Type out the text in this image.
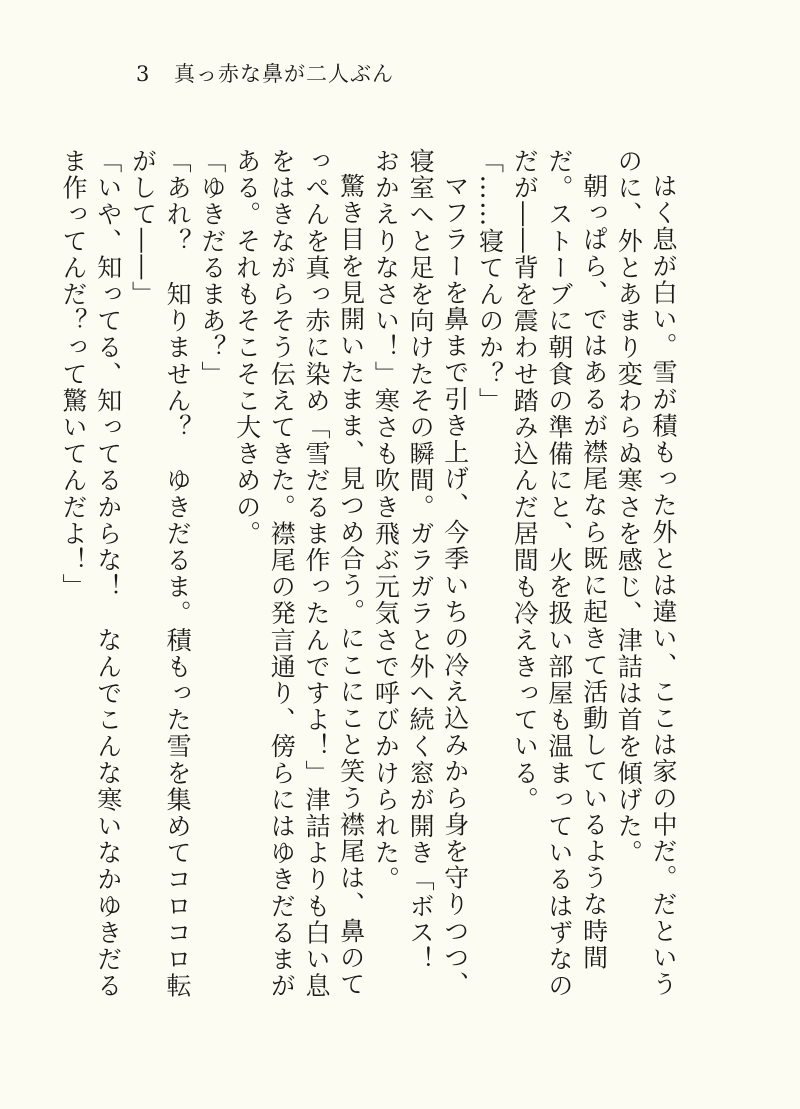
3 真っ赤な鼻が二人ぶん

はく息が白い。雪が積もった外とは違い、ここは家の中だ。だというのに、外とあまり変わらぬ寒さを感じ、津詰は首を傾げた。

朝っぱら、ではあるが襟尾なら既に起きて活動しているような時間だ。ストーブに朝食の準備にと、火を扱い部屋も温まっているはずなのだが――背を震わせ踏み込んだ居間も冷えきっている。

「……寝てんのか？」

マフラーを鼻まで引き上げ、今季いちの冷え込みから身を守りつつ、寝室へと足を向けたその瞬間。ガラガラと外へ続く窓が開き「ボス！　おかえりなさい！」寒さも吹き飛ぶ元気さで呼びかけられた。

驚き目を見開いたまま、見つめ合う。にこにこと笑う襟尾は、鼻のてっぺんを真っ赤に染め「雪だるま作ったんですよ！」津詰よりも白い息をはきながらそう伝えてきた。襟尾の発言通り、傍らにはゆきだるまがある。それもそこそこ大きめの。

「ゆきだるまあ？」

「あれ？　知りません？　ゆきだるま。積もった雪を集めてコロコロ転がして――」

「いや、知ってる、知ってるからな！　なんでこんな寒いなかゆきだるま作ってんだ？って驚いてんだよ！」
